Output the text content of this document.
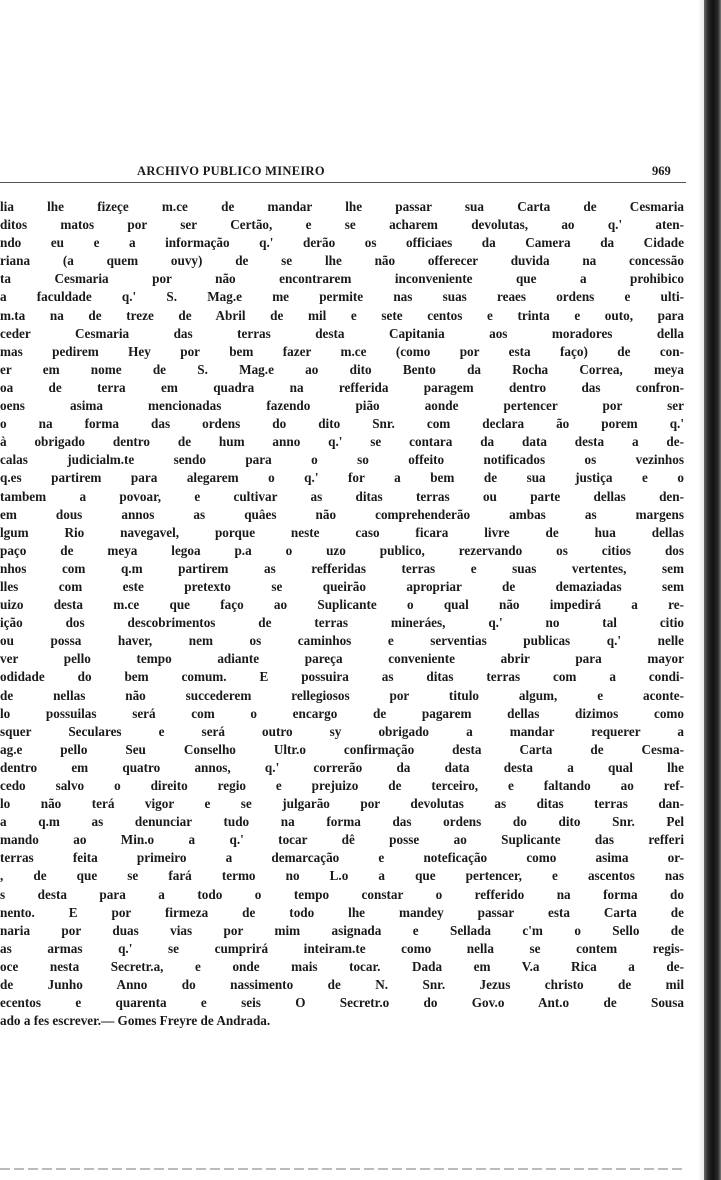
ARCHIVO PUBLICO MINEIRO	969
lia lhe fizeçe m.ce de mandar lhe passar sua Carta de Cesmaria
ditos matos por ser Certão, e se acharem devolutas, ao q.' aten-
ndo eu e a informação q.' derão os officiaes da Camera da Cidade
riana (a quem ouvy) de se lhe não offerecer duvida na concessão
ta Cesmaria por não encontrarem inconveniente que a prohibico
a faculdade q.' S. Mag.e me permite nas suas reaes ordens e ulti-
m.ta na de treze de Abril de mil e sete centos e trinta e outo, para
ceder Cesmaria das terras desta Capitania aos moradores della
mas pedirem Hey por bem fazer m.ce (como por esta faço) de con-
er em nome de S. Mag.e ao dito Bento da Rocha Correa, meya
oa de terra em quadra na refferida paragem dentro das confron-
oens asima mencionadas fazendo pião aonde pertencer por ser
o na forma das ordens do dito Snr. com declara ão porem q.'
à obrigado dentro de hum anno q.' se contara da data desta a de-
calas judicialm.te sendo para o so offeito notificados os vezinhos
q.es partirem para alegarem o q.' for a bem de sua justiça e o
tambem a povoar, e cultivar as ditas terras ou parte dellas den-
em dous annos as quâes não comprehenderão ambas as margens
lgum Rio navegavel, porque neste caso ficara livre de hua dellas
paço de meya legoa p.a o uzo publico, rezervando os citios dos
nhos com q.m partirem as refferidas terras e suas vertentes, sem
lles com este pretexto se queirão apropriar de demaziadas sem
uizo desta m.ce que faço ao Suplicante o qual não impedirá a re-
ição dos descobrimentos de terras mineráes, q.' no tal citio
ou possa haver, nem os caminhos e serventias publicas q.' nelle
ver pello tempo adiante pareça conveniente abrir para mayor
odidade do bem comum. E possuira as ditas terras com a condi-
de nellas não succederem rellegiosos por titulo algum, e aconte-
lo possuilas será com o encargo de pagarem dellas dizimos como
squer Seculares e será outro sy obrigado a mandar requerer a
ag.e pello Seu Conselho Ultr.o confirmação desta Carta de Cesma-
dentro em quatro annos, q.' correrão da data desta a qual lhe
cedo salvo o direito regio e prejuizo de terceiro, e faltando ao ref-
lo não terá vigor e se julgarão por devolutas as ditas terras dan-
a q.m as denunciar tudo na forma das ordens do dito Snr. Pel
mando ao Min.o a q.' tocar dê posse ao Suplicante das refferi
terras feita primeiro a demarcação e noteficação como asima or-
, de que se fará termo no L.o a que pertencer, e ascentos nas
s desta para a todo o tempo constar o refferido na forma do
nento. E por firmeza de todo lhe mandey passar esta Carta de
naria por duas vias por mim asignada e Sellada c'm o Sello de
as armas q.' se cumprirá inteiram.te como nella se contem regis-
oce nesta Secretr.a, e onde mais tocar. Dada em V.a Rica a de-
de Junho Anno do nassimento de N. Snr. Jezus christo de mil
ecentos e quarenta e seis O Secretr.o do Gov.o Ant.o de Sousa
ado a fes escrever.— Gomes Freyre de Andrada.
